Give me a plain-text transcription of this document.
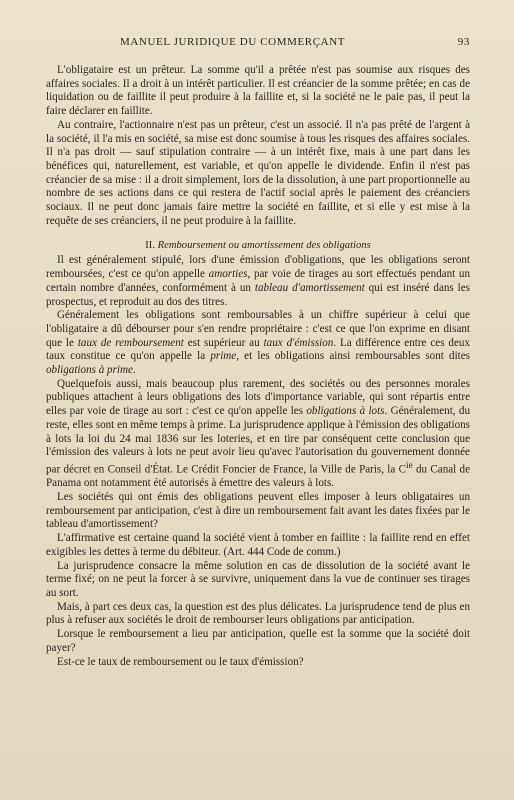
MANUEL JURIDIQUE DU COMMERÇANT	93

L'obligataire est un prêteur. La somme qu'il a prêtée n'est pas soumise aux risques des affaires sociales. Il a droit à un intérêt particulier. Il est créancier de la somme prêtée; en cas de liquidation ou de faillite il peut produire à la faillite et, si la société ne le paie pas, il peut la faire déclarer en faillite.

Au contraire, l'actionnaire n'est pas un prêteur, c'est un associé. Il n'a pas prêté de l'argent à la société, il l'a mis en société, sa mise est donc soumise à tous les risques des affaires sociales. Il n'a pas droit — sauf stipulation contraire — à un intérêt fixe, mais à une part dans les bénéfices qui, naturellement, est variable, et qu'on appelle le dividende. Enfin il n'est pas créancier de sa mise : il a droit simplement, lors de la dissolution, à une part proportionnelle au nombre de ses actions dans ce qui restera de l'actif social après le paiement des créanciers sociaux. Il ne peut donc jamais faire mettre la société en faillite, et si elle y est mise à la requête de ses créanciers, il ne peut produire à la faillite.

II. Remboursement ou amortissement des obligations

Il est généralement stipulé, lors d'une émission d'obligations, que les obligations seront remboursées, c'est ce qu'on appelle amorties, par voie de tirages au sort effectués pendant un certain nombre d'années, conformément à un tableau d'amortissement qui est inséré dans les prospectus, et reproduit au dos des titres.

Généralement les obligations sont remboursables à un chiffre supérieur à celui que l'obligataire a dû débourser pour s'en rendre propriétaire : c'est ce que l'on exprime en disant que le taux de remboursement est supérieur au taux d'émission. La différence entre ces deux taux constitue ce qu'on appelle la prime, et les obligations ainsi remboursables sont dites obligations à prime.

Quelquefois aussi, mais beaucoup plus rarement, des sociétés ou des personnes morales publiques attachent à leurs obligations des lots d'importance variable, qui sont répartis entre elles par voie de tirage au sort : c'est ce qu'on appelle les obligations à lots. Généralement, du reste, elles sont en même temps à prime. La jurisprudence applique à l'émission des obligations à lots la loi du 24 mai 1836 sur les loteries, et en tire par conséquent cette conclusion que l'émission des valeurs à lots ne peut avoir lieu qu'avec l'autorisation du gouvernement donnée par décret en Conseil d'État. Le Crédit Foncier de France, la Ville de Paris, la $C^{ie}$ du Canal de Panama ont notamment été autorisés à émettre des valeurs à lots.

Les sociétés qui ont émis des obligations peuvent elles imposer à leurs obligataires un remboursement par anticipation, c'est à dire un remboursement fait avant les dates fixées par le tableau d'amortissement?

L'affirmative est certaine quand la société vient à tomber en faillite : la faillite rend en effet exigibles les dettes à terme du débiteur. (Art. 444 Code de comm.)

La jurisprudence consacre la même solution en cas de dissolution de la société avant le terme fixé; on ne peut la forcer à se survivre, uniquement dans la vue de continuer ses tirages au sort.

Mais, à part ces deux cas, la question est des plus délicates. La jurisprudence tend de plus en plus à refuser aux sociétés le droit de rembourser leurs obligations par anticipation.

Lorsque le remboursement a lieu par anticipation, quelle est la somme que la société doit payer?

Est-ce le taux de remboursement ou le taux d'émission?
